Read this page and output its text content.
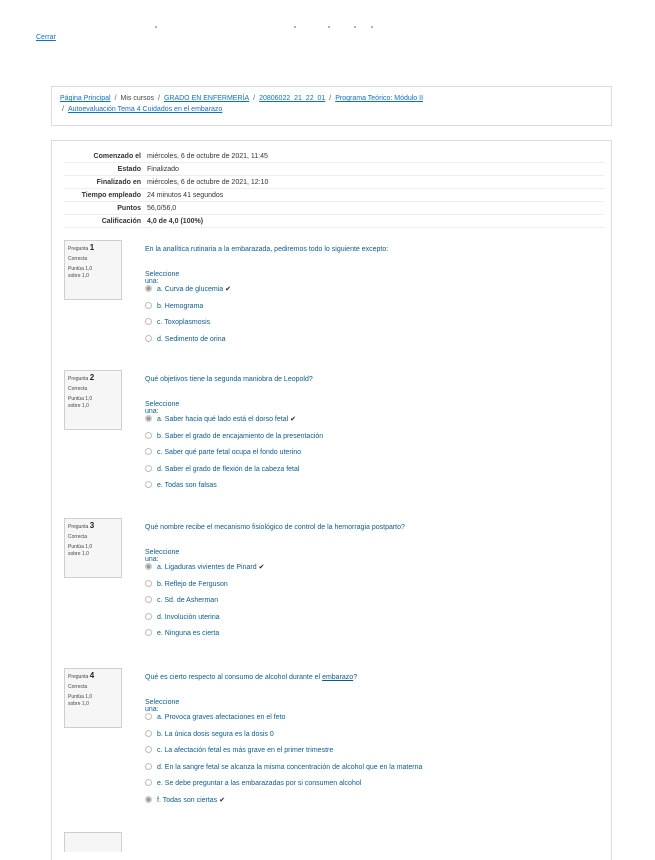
Cerrar
Página Principal / Mis cursos / GRADO EN ENFERMERÍA / 20806022_21_22_01 / Programa Teórico: Módulo II
/ Autoevaluación Tema 4 Cuidados en el embarazo
Comenzado el	miércoles, 6 de octubre de 2021, 11:45
Estado	Finalizado
Finalizado en	miércoles, 6 de octubre de 2021, 12:10
Tiempo empleado	24 minutos 41 segundos
Puntos	56,0/56,0
Calificación	4,0 de 4,0 (100%)
Pregunta 1
Correcta
Puntúa 1,0
sobre 1,0
En la analítica rutinaria a la embarazada, pediremos todo lo siguiente excepto:
Seleccione una:
a. Curva de glucemia ✔
b. Hemograma
c. Toxoplasmosis
d. Sedimento de orina
Pregunta 2
Correcta
Puntúa 1,0
sobre 1,0
Qué objetivos tiene la segunda maniobra de Leopold?
Seleccione una:
a. Saber hacia qué lado está el dorso fetal ✔
b. Saber el grado de encajamiento de la presentación
c. Saber qué parte fetal ocupa el fondo uterino
d. Saber el grado de flexión de la cabeza fetal
e. Todas son falsas
Pregunta 3
Correcta
Puntúa 1,0
sobre 1,0
Qué nombre recibe el mecanismo fisiológico de control de la hemorragia postparto?
Seleccione una:
a. Ligaduras vivientes de Pinard ✔
b. Reflejo de Ferguson
c. Sd. de Asherman
d. Involución uterina
e. Ninguna es cierta
Pregunta 4
Correcta
Puntúa 1,0
sobre 1,0
Qué es cierto respecto al consumo de alcohol durante el embarazo?
Seleccione una:
a. Provoca graves afectaciones en el feto
b. La única dosis segura es la dosis 0
c. La afectación fetal es más grave en el primer trimestre
d. En la sangre fetal se alcanza la misma concentración de alcohol que en la materna
e. Se debe preguntar a las embarazadas por si consumen alcohol
f. Todas son ciertas ✔
